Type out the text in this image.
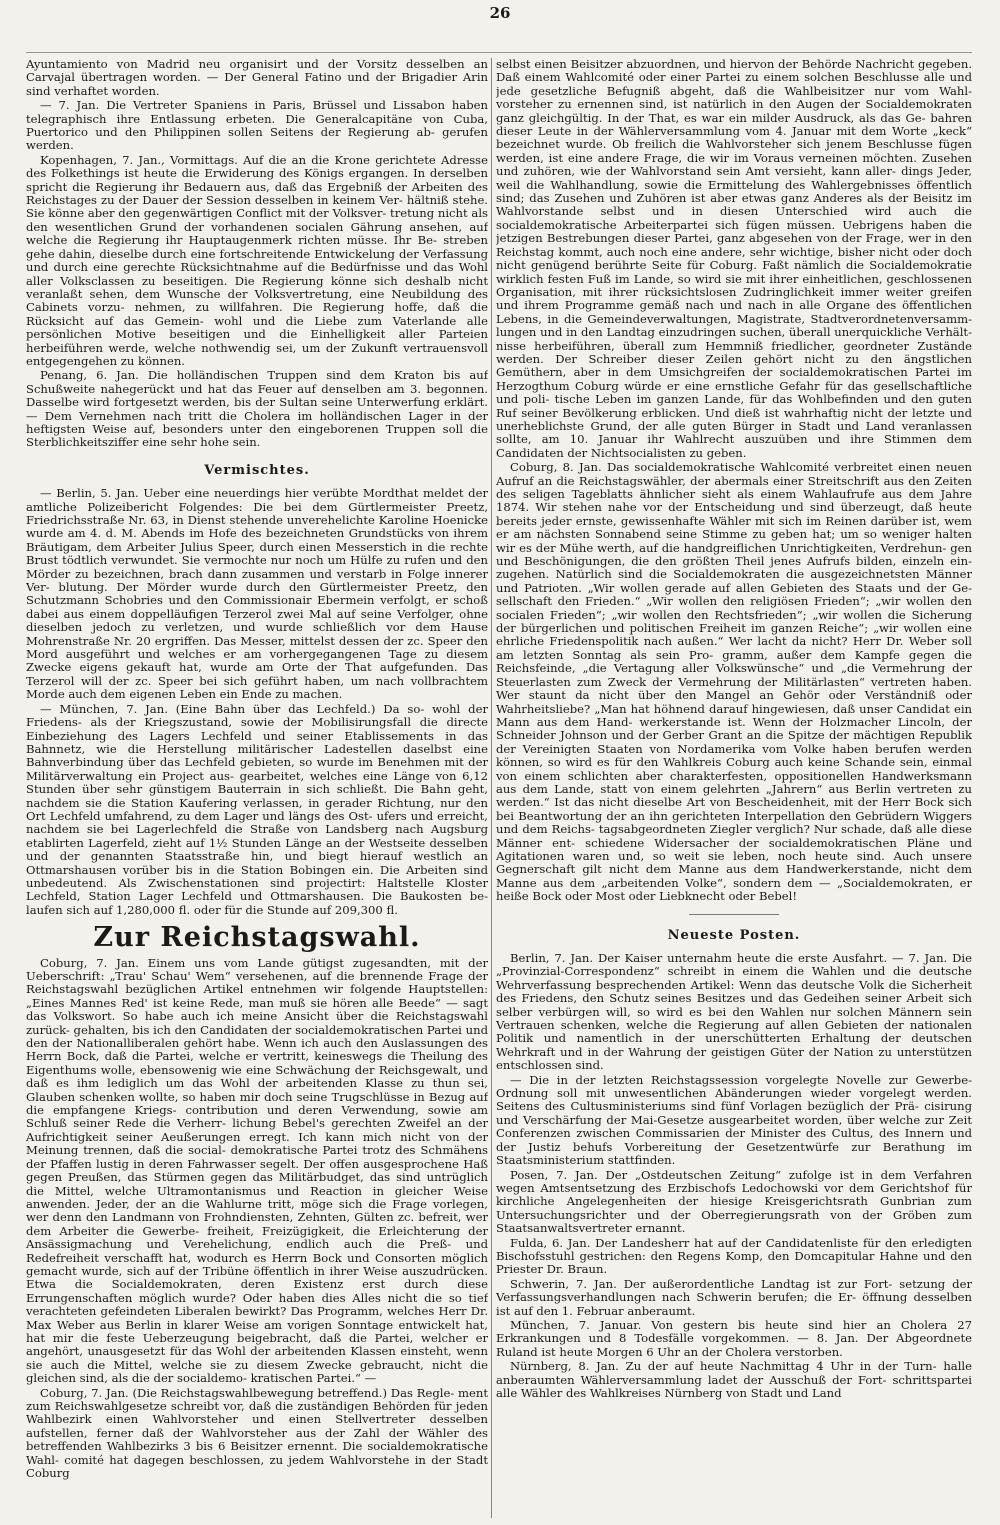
26

Ayuntamiento von Madrid neu organisirt und der Vorsitz desselben an Carvajal übertragen worden. — Der General Fatino und der Brigadier Arin sind verhaftet worden.

— 7. Jan. Die Vertreter Spaniens in Paris, Brüssel und Lissabon haben telegraphisch ihre Entlassung erbeten. Die Generalcapitäne von Cuba, Puertorico und den Philippinen sollen Seitens der Regierung ab- gerufen werden.

Kopenhagen, 7. Jan., Vormittags. Auf die an die Krone gerichtete Adresse des Folkethings ist heute die Erwiderung des Königs ergangen. In derselben spricht die Regierung ihr Bedauern aus, daß das Ergebniß der Arbeiten des Reichstages zu der Dauer der Session desselben in keinem Ver- hältniß stehe. Sie könne aber den gegenwärtigen Conflict mit der Volksver- tretung nicht als den wesentlichen Grund der vorhandenen socialen Gährung ansehen, auf welche die Regierung ihr Hauptaugenmerk richten müsse. Ihr Be- streben gehe dahin, dieselbe durch eine fortschreitende Entwickelung der Verfassung und durch eine gerechte Rücksichtnahme auf die Bedürfnisse und das Wohl aller Volksclassen zu beseitigen. Die Regierung könne sich deshalb nicht veranlaßt sehen, dem Wunsche der Volksvertretung, eine Neubildung des Cabinets vorzu- nehmen, zu willfahren. Die Regierung hoffe, daß die Rücksicht auf das Gemein- wohl und die Liebe zum Vaterlande alle persönlichen Motive beseitigen und die Einhelligkeit aller Parteien herbeiführen werde, welche nothwendig sei, um der Zukunft vertrauensvoll entgegengehen zu können.

Penang, 6. Jan. Die holländischen Truppen sind dem Kraton bis auf Schußweite nahegerückt und hat das Feuer auf denselben am 3. begonnen. Dasselbe wird fortgesetzt werden, bis der Sultan seine Unterwerfung erklärt. — Dem Vernehmen nach tritt die Cholera im holländischen Lager in der heftigsten Weise auf, besonders unter den eingeborenen Truppen soll die Sterblichkeitsziffer eine sehr hohe sein.

Vermischtes.

— Berlin, 5. Jan. Ueber eine neuerdings hier verübte Mordthat meldet der amtliche Polizeibericht Folgendes: Die bei dem Gürtlermeister Preetz, Friedrichsstraße Nr. 63, in Dienst stehende unverehelichte Karoline Hoenicke wurde am 4. d. M. Abends im Hofe des bezeichneten Grundstücks von ihrem Bräutigam, dem Arbeiter Julius Speer, durch einen Messerstich in die rechte Brust tödtlich verwundet. Sie vermochte nur noch um Hülfe zu rufen und den Mörder zu bezeichnen, brach dann zusammen und verstarb in Folge innerer Ver- blutung. Der Mörder wurde durch den Gürtlermeister Preetz, den Schutzmann Schobries und den Commissionair Ebermein verfolgt, er schoß dabei aus einem doppelläufigen Terzerol zwei Mal auf seine Verfolger, ohne dieselben jedoch zu verletzen, und wurde schließlich vor dem Hause Mohrenstraße Nr. 20 ergriffen. Das Messer, mittelst dessen der zc. Speer den Mord ausgeführt und welches er am vorhergegangenen Tage zu diesem Zwecke eigens gekauft hat, wurde am Orte der That aufgefunden. Das Terzerol will der zc. Speer bei sich geführt haben, um nach vollbrachtem Morde auch dem eigenen Leben ein Ende zu machen.

— München, 7. Jan. (Eine Bahn über das Lechfeld.) Da so- wohl der Friedens- als der Kriegszustand, sowie der Mobilisirungsfall die directe Einbeziehung des Lagers Lechfeld und seiner Etablissements in das Bahnnetz, wie die Herstellung militärischer Ladestellen daselbst eine Bahnverbindung über das Lechfeld gebieten, so wurde im Benehmen mit der Militärverwaltung ein Project aus- gearbeitet, welches eine Länge von 6,12 Stunden über sehr günstigem Bauterrain in sich schließt. Die Bahn geht, nachdem sie die Station Kaufering verlassen, in gerader Richtung, nur den Ort Lechfeld umfahrend, zu dem Lager und längs des Ost- ufers und erreicht, nachdem sie bei Lagerlechfeld die Straße von Landsberg nach Augsburg etablirten Lagerfeld, zieht auf 1½ Stunden Länge an der Westseite desselben und der genannten Staatsstraße hin, und biegt hierauf westlich an Ottmarshausen vorüber bis in die Station Bobingen ein. Die Arbeiten sind unbedeutend. Als Zwischenstationen sind projectirt: Haltstelle Kloster Lechfeld, Station Lager Lechfeld und Ottmarshausen. Die Baukosten be- laufen sich auf 1,280,000 fl. oder für die Stunde auf 209,300 fl.

Zur Reichstagswahl.

Coburg, 7. Jan. Einem uns vom Lande gütigst zugesandten, mit der Ueberschrift: „Trau' Schau' Wem“ versehenen, auf die brennende Frage der Reichstagswahl bezüglichen Artikel entnehmen wir folgende Hauptstellen: „Eines Mannes Red' ist keine Rede, man muß sie hören alle Beede“ — sagt das Volkswort. So habe auch ich meine Ansicht über die Reichstagswahl zurück- gehalten, bis ich den Candidaten der socialdemokratischen Partei und den der Nationalliberalen gehört habe. Wenn ich auch den Auslassungen des Herrn Bock, daß die Partei, welche er vertritt, keineswegs die Theilung des Eigenthums wolle, ebensowenig wie eine Schwächung der Reichsgewalt, und daß es ihm lediglich um das Wohl der arbeitenden Klasse zu thun sei, Glauben schenken wollte, so haben mir doch seine Trugschlüsse in Bezug auf die empfangene Kriegs- contribution und deren Verwendung, sowie am Schluß seiner Rede die Verherr- lichung Bebel's gerechten Zweifel an der Aufrichtigkeit seiner Aeußerungen erregt. Ich kann mich nicht von der Meinung trennen, daß die social- demokratische Partei trotz des Schmähens der Pfaffen lustig in deren Fahrwasser segelt. Der offen ausgesprochene Haß gegen Preußen, das Stürmen gegen das Militärbudget, das sind untrüglich die Mittel, welche Ultramontanismus und Reaction in gleicher Weise anwenden. Jeder, der an die Wahlurne tritt, möge sich die Frage vorlegen, wer denn den Landmann von Frohndiensten, Zehnten, Gülten zc. befreit, wer dem Arbeiter die Gewerbe- freiheit, Freizügigkeit, die Erleichterung der Ansässigmachung und Verehelichung, endlich auch die Preß- und Redefreiheit verschafft hat, wodurch es Herrn Bock und Consorten möglich gemacht wurde, sich auf der Tribüne öffentlich in ihrer Weise auszudrücken. Etwa die Socialdemokraten, deren Existenz erst durch diese Errungenschaften möglich wurde? Oder haben dies Alles nicht die so tief verachteten gefeindeten Liberalen bewirkt? Das Programm, welches Herr Dr. Max Weber aus Berlin in klarer Weise am vorigen Sonntage entwickelt hat, hat mir die feste Ueberzeugung beigebracht, daß die Partei, welcher er angehört, unausgesetzt für das Wohl der arbeitenden Klassen einsteht, wenn sie auch die Mittel, welche sie zu diesem Zwecke gebraucht, nicht die gleichen sind, als die der socialdemo- kratischen Partei.“ —

Coburg, 7. Jan. (Die Reichstagswahlbewegung betreffend.) Das Regle- ment zum Reichswahlgesetze schreibt vor, daß die zuständigen Behörden für jeden Wahlbezirk einen Wahlvorsteher und einen Stellvertreter desselben aufstellen, ferner daß der Wahlvorsteher aus der Zahl der Wähler des betreffenden Wahlbezirks 3 bis 6 Beisitzer ernennt. Die socialdemokratische Wahl- comité hat dagegen beschlossen, zu jedem Wahlvorstehe in der Stadt Coburg

selbst einen Beisitzer abzuordnen, und hiervon der Behörde Nachricht gegeben. Daß einem Wahlcomité oder einer Partei zu einem solchen Beschlusse alle und jede gesetzliche Befugniß abgeht, daß die Wahlbeisitzer nur vom Wahl- vorsteher zu ernennen sind, ist natürlich in den Augen der Socialdemokraten ganz gleichgültig. In der That, es war ein milder Ausdruck, als das Ge- bahren dieser Leute in der Wählerversammlung vom 4. Januar mit dem Worte „keck“ bezeichnet wurde. Ob freilich die Wahlvorsteher sich jenem Beschlusse fügen werden, ist eine andere Frage, die wir im Voraus verneinen möchten. Zusehen und zuhören, wie der Wahlvorstand sein Amt versieht, kann aller- dings Jeder, weil die Wahlhandlung, sowie die Ermittelung des Wahlergebnisses öffentlich sind; das Zusehen und Zuhören ist aber etwas ganz Anderes als der Beisitz im Wahlvorstande selbst und in diesen Unterschied wird auch die socialdemokratische Arbeiterpartei sich fügen müssen. Uebrigens haben die jetzigen Bestrebungen dieser Partei, ganz abgesehen von der Frage, wer in den Reichstag kommt, auch noch eine andere, sehr wichtige, bisher nicht oder doch nicht genügend berührte Seite für Coburg. Faßt nämlich die Socialdemokratie wirklich festen Fuß im Lande, so wird sie mit ihrer einheitlichen, geschlossenen Organisation, mit ihrer rücksichtslosen Zudringlichkeit immer weiter greifen und ihrem Programme gemäß nach und nach in alle Organe des öffentlichen Lebens, in die Gemeindeverwaltungen, Magistrate, Stadtverordnetenversamm- lungen und in den Landtag einzudringen suchen, überall unerquickliche Verhält- nisse herbeiführen, überall zum Hemmniß friedlicher, geordneter Zustände werden. Der Schreiber dieser Zeilen gehört nicht zu den ängstlichen Gemüthern, aber in dem Umsichgreifen der socialdemokratischen Partei im Herzogthum Coburg würde er eine ernstliche Gefahr für das gesellschaftliche und poli- tische Leben im ganzen Lande, für das Wohlbefinden und den guten Ruf seiner Bevölkerung erblicken. Und dieß ist wahrhaftig nicht der letzte und unerheblichste Grund, der alle guten Bürger in Stadt und Land veranlassen sollte, am 10. Januar ihr Wahlrecht auszuüben und ihre Stimmen dem Candidaten der Nichtsocialisten zu geben.

Coburg, 8. Jan. Das socialdemokratische Wahlcomité verbreitet einen neuen Aufruf an die Reichstagswähler, der abermals einer Streitschrift aus den Zeiten des seligen Tageblatts ähnlicher sieht als einem Wahlaufrufe aus dem Jahre 1874. Wir stehen nahe vor der Entscheidung und sind überzeugt, daß heute bereits jeder ernste, gewissenhafte Wähler mit sich im Reinen darüber ist, wem er am nächsten Sonnabend seine Stimme zu geben hat; um so weniger halten wir es der Mühe werth, auf die handgreiflichen Unrichtigkeiten, Verdrehun- gen und Beschönigungen, die den größten Theil jenes Aufrufs bilden, einzeln ein- zugehen. Natürlich sind die Socialdemokraten die ausgezeichnetsten Männer und Patrioten. „Wir wollen gerade auf allen Gebieten des Staats und der Ge- sellschaft den Frieden.“ „Wir wollen den religiösen Frieden“; „wir wollen den socialen Frieden“; „wir wollen den Rechtsfrieden“; „wir wollen die Sicherung der bürgerlichen und politischen Freiheit im ganzen Reiche“; „wir wollen eine ehrliche Friedenspolitik nach außen.“ Wer lacht da nicht? Herr Dr. Weber soll am letzten Sonntag als sein Pro- gramm, außer dem Kampfe gegen die Reichsfeinde, „die Vertagung aller Volkswünsche“ und „die Vermehrung der Steuerlasten zum Zweck der Vermehrung der Militärlasten“ vertreten haben. Wer staunt da nicht über den Mangel an Gehör oder Verständniß oder Wahrheitsliebe? „Man hat höhnend darauf hingewiesen, daß unser Candidat ein Mann aus dem Hand- werkerstande ist. Wenn der Holzmacher Lincoln, der Schneider Johnson und der Gerber Grant an die Spitze der mächtigen Republik der Vereinigten Staaten von Nordamerika vom Volke haben berufen werden können, so wird es für den Wahlkreis Coburg auch keine Schande sein, einmal von einem schlichten aber charakterfesten, oppositionellen Handwerksmann aus dem Lande, statt von einem gelehrten „Jahrern“ aus Berlin vertreten zu werden.“ Ist das nicht dieselbe Art von Bescheidenheit, mit der Herr Bock sich bei Beantwortung der an ihn gerichteten Interpellation den Gebrüdern Wiggers und dem Reichs- tagsabgeordneten Ziegler verglich? Nur schade, daß alle diese Männer ent- schiedene Widersacher der socialdemokratischen Pläne und Agitationen waren und, so weit sie leben, noch heute sind. Auch unsere Gegnerschaft gilt nicht dem Manne aus dem Handwerkerstande, nicht dem Manne aus dem „arbeitenden Volke“, sondern dem — „Socialdemokraten, er heiße Bock oder Most oder Liebknecht oder Bebel!

Neueste Posten.

Berlin, 7. Jan. Der Kaiser unternahm heute die erste Ausfahrt. — 7. Jan. Die „Provinzial-Correspondenz“ schreibt in einem die Wahlen und die deutsche Wehrverfassung besprechenden Artikel: Wenn das deutsche Volk die Sicherheit des Friedens, den Schutz seines Besitzes und das Gedeihen seiner Arbeit sich selber verbürgen will, so wird es bei den Wahlen nur solchen Männern sein Vertrauen schenken, welche die Regierung auf allen Gebieten der nationalen Politik und namentlich in der unerschütterten Erhaltung der deutschen Wehrkraft und in der Wahrung der geistigen Güter der Nation zu unterstützen entschlossen sind.

— Die in der letzten Reichstagssession vorgelegte Novelle zur Gewerbe- Ordnung soll mit unwesentlichen Abänderungen wieder vorgelegt werden. Seitens des Cultusministeriums sind fünf Vorlagen bezüglich der Prä- cisirung und Verschärfung der Mai-Gesetze ausgearbeitet worden, über welche zur Zeit Conferenzen zwischen Commissarien der Minister des Cultus, des Innern und der Justiz behufs Vorbereitung der Gesetzentwürfe zur Berathung im Staatsministerium stattfinden.

Posen, 7. Jan. Der „Ostdeutschen Zeitung“ zufolge ist in dem Verfahren wegen Amtsentsetzung des Erzbischofs Ledochowski vor dem Gerichtshof für kirchliche Angelegenheiten der hiesige Kreisgerichtsrath Gunbrian zum Untersuchungsrichter und der Oberregierungsrath von der Gröben zum Staatsanwaltsvertreter ernannt.

Fulda, 6. Jan. Der Landesherr hat auf der Candidatenliste für den erledigten Bischofsstuhl gestrichen: den Regens Komp, den Domcapitular Hahne und den Priester Dr. Braun.

Schwerin, 7. Jan. Der außerordentliche Landtag ist zur Fort- setzung der Verfassungsverhandlungen nach Schwerin berufen; die Er- öffnung desselben ist auf den 1. Februar anberaumt.

München, 7. Januar. Von gestern bis heute sind hier an Cholera 27 Erkrankungen und 8 Todesfälle vorgekommen. — 8. Jan. Der Abgeordnete Ruland ist heute Morgen 6 Uhr an der Cholera verstorben.

Nürnberg, 8. Jan. Zu der auf heute Nachmittag 4 Uhr in der Turn- halle anberaumten Wählerversammlung ladet der Ausschuß der Fort- schrittspartei alle Wähler des Wahlkreises Nürnberg von Stadt und Land
